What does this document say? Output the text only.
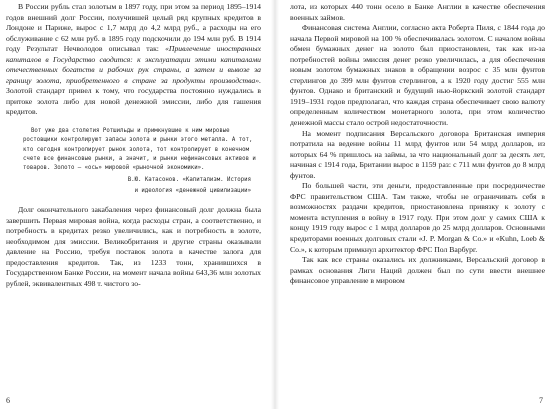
В России рубль стал золотым в 1897 году, при этом за период 1895–1914 годов внешний долг России, получившей целый ряд крупных кредитов в Лондоне и Париже, вырос с 1,7 млрд до 4,2 млрд руб., а расходы на его обслуживание с 62 млн руб. в 1895 году подскочили до 194 млн руб. В 1914 году Результат Нечволодов описывал так: «Привлечение иностранных капиталов в Государство сводится: к эксплуатации этими капиталами отечественных богатств и рабочих рук страны, а затем и вывозе за границу золота, приобретенного в стране за продукты производства». Золотой стандарт привел к тому, что государства постоянно нуждались в притоке золота либо для новой денежной эмиссии, либо для гашения кредитов.

Вот уже два столетия Ротшильды и примкнувшие к ним мировые ростовщики контролируют запасы золота и рынки этого металла. А тот, кто сегодня контролирует рынок золота, тот контролирует в конечном счете все финансовые рынки, а значит, и рынки нефинансовых активов и товаров. Золото — «ось» мировой «рыночной экономики».

В.Ю. Катасонов. «Капитализм. История

и идеология «денежной цивилизации»

Долг окончательного закабаления через финансовый долг должна была завершить Первая мировая война, когда расходы стран, а соответственно, и потребность в кредитах резко увеличились, как и потребность в золоте, необходимом для эмиссии. Великобритания и другие страны оказывали давление на Россию, требуя поставок золота в качестве залога для предоставления кредитов. Так, из 1233 тонн, хранившихся в Государственном Банке России, на момент начала войны 643,36 млн золотых рублей, эквивалентных 498 т. чистого зо-

6

лота, из которых 440 тонн осело в Банке Англии в качестве обеспечения военных займов.

Финансовая система Англии, согласно акта Роберта Пиля, с 1844 года до начала Первой мировой на 100 % обеспечивалась золотом. С началом войны обмен бумажных денег на золото был приостановлен, так как из-за потребностей войны эмиссия денег резко увеличилась, а для обеспечения новым золотом бумажных знаков в обращении возрос с 35 млн фунтов стерлингов до 399 млн фунтов стерлингов, а к 1920 году достиг 555 млн фунтов. Однако и британский и будущий нью-йоркский золотой стандарт 1919–1931 годов предполагал, что каждая страна обеспечивает свою валюту определенным количеством монетарного золота, при этом количество денежной массы стало острой недостаточности.

На момент подписания Версальского договора Британская империя потратила на ведение войны 11 млрд фунтов или 54 млрд долларов, из которых 64 % пришлось на займы, за что национальный долг за десять лет, начиная с 1914 года, Британии вырос в 1159 раз: с 711 млн фунтов до 8 млрд фунтов.

По большей части, эти деньги, предоставленные при посредничестве ФРС правительством США. Там также, чтобы не ограничивать себя в возможностях раздачи кредитов, приостановлена привязку к золоту с момента вступления в войну в 1917 году. При этом долг у самих США к концу 1919 году вырос с 1 млрд долларов до 25 млрд долларов. Основными кредиторами военных долговых стали «J. P. Morgan & Co.» и «Kuhn, Loeb & Co.», к которым примкнул архитектор ФРС Пол Варбург.

Так как все страны оказались их должниками, Версальский договор в рамках основания Лиги Наций должен был по сути ввести внешнее финансовое управление в мировом

7
